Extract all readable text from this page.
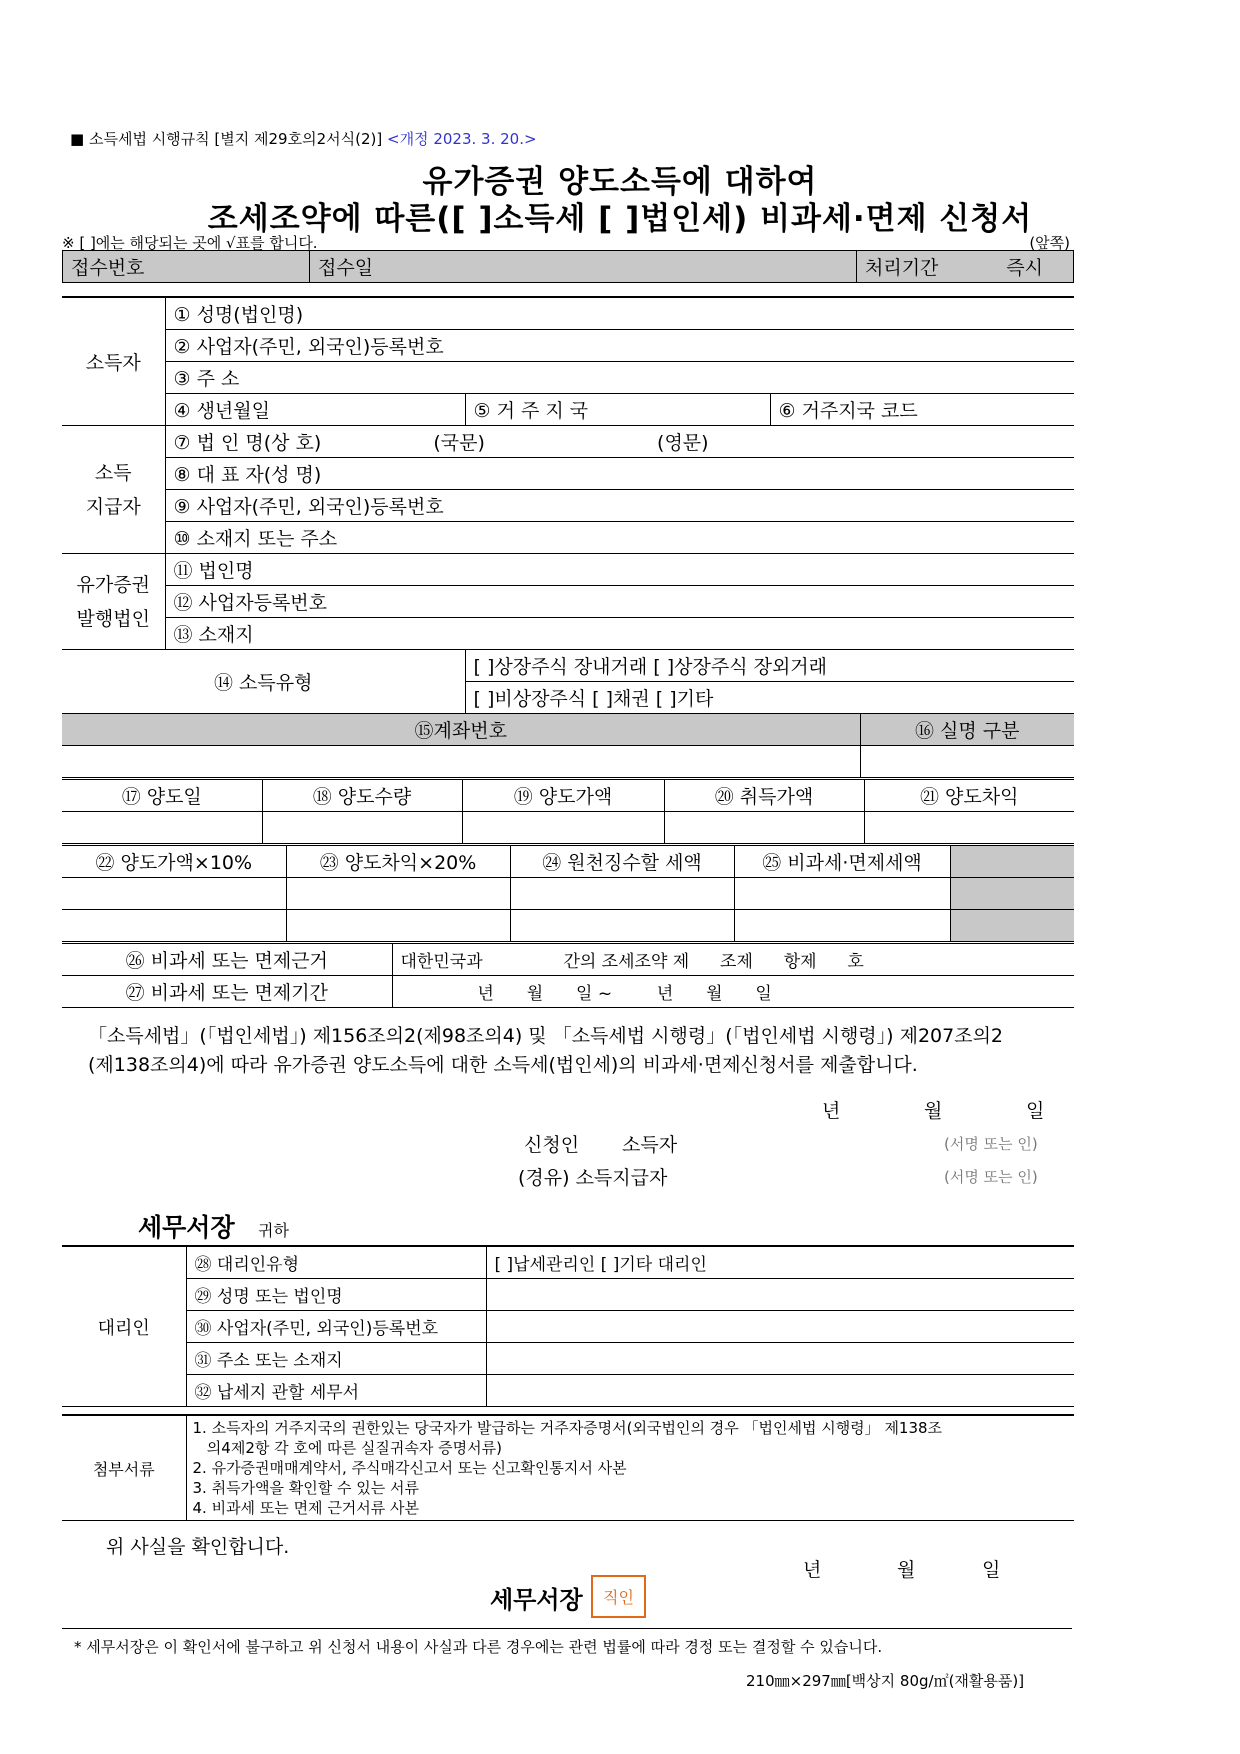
■ 소득세법 시행규칙 [별지 제29호의2서식(2)] <개정 2023. 3. 20.>
유가증권 양도소득에 대하여
조세조약에 따른([ ]소득세 [ ]법인세) 비과세·면제 신청서
※ [ ]에는 해당되는 곳에 √표를 합니다.	(앞쪽)
접수번호	접수일	처리기간	즉시
소득자	① 성명(법인명)		
	② 사업자(주민, 외국인)등록번호		
	③ 주 소		
	④ 생년월일	⑤ 거 주 지 국	⑥ 거주지국 코드

소득
지급자	⑦ 법 인 명(상 호) (국문) (영문)		
	⑧ 대 표 자(성 명)		
	⑨ 사업자(주민, 외국인)등록번호		
	⑩ 소재지 또는 주소		

유가증권
발행법인	⑪ 법인명		
	⑫ 사업자등록번호		
	⑬ 소재지		
⑭ 소득유형		[ ]상장주식 장내거래 [ ]상장주식 장외거래	
		[ ]비상장주식 [ ]채권 [ ]기타	
⑮계좌번호	⑯ 실명 구분

⑰ 양도일	⑱ 양도수량	⑲ 양도가액	⑳ 취득가액	㉑ 양도차익

㉒ 양도가액×10%	㉓ 양도차익×20%	㉔ 원천징수할 세액	㉕ 비과세·면제세액	

㉖ 비과세 또는 면제근거	대한민국과 간의 조세조약 제 조제 항제 호
㉗ 비과세 또는 면제기간	년 월 일 ~ 년 월 일
「소득세법」(「법인세법」) 제156조의2(제98조의4) 및 「소득세법 시행령」(「법인세법 시행령」) 제207조의2
(제138조의4)에 따라 유가증권 양도소득에 대한 소득세(법인세)의 비과세·면제신청서를 제출합니다.
년	월	일
신청인 소득자	(서명 또는 인)
(경유) 소득지급자	(서명 또는 인)
세무서장 귀하
대리인	㉘ 대리인유형	[ ]납세관리인 [ ]기타 대리인
	㉙ 성명 또는 법인명	
	㉚ 사업자(주민, 외국인)등록번호	
	㉛ 주소 또는 소재지	
	㉜ 납세지 관할 세무서	
첨부서류	
1. 소득자의 거주지국의 권한있는 당국자가 발급하는 거주자증명서(외국법인의 경우 「법인세법 시행령」 제138조
의4제2항 각 호에 따른 실질귀속자 증명서류)
2. 유가증권매매계약서, 주식매각신고서 또는 신고확인통지서 사본
3. 취득가액을 확인할 수 있는 서류
4. 비과세 또는 면제 근거서류 사본
위 사실을 확인합니다.
년	월	일
세무서장	직인
* 세무서장은 이 확인서에 불구하고 위 신청서 내용이 사실과 다른 경우에는 관련 법률에 따라 경정 또는 결정할 수 있습니다.
210㎜×297㎜[백상지 80g/㎡(재활용품)]
